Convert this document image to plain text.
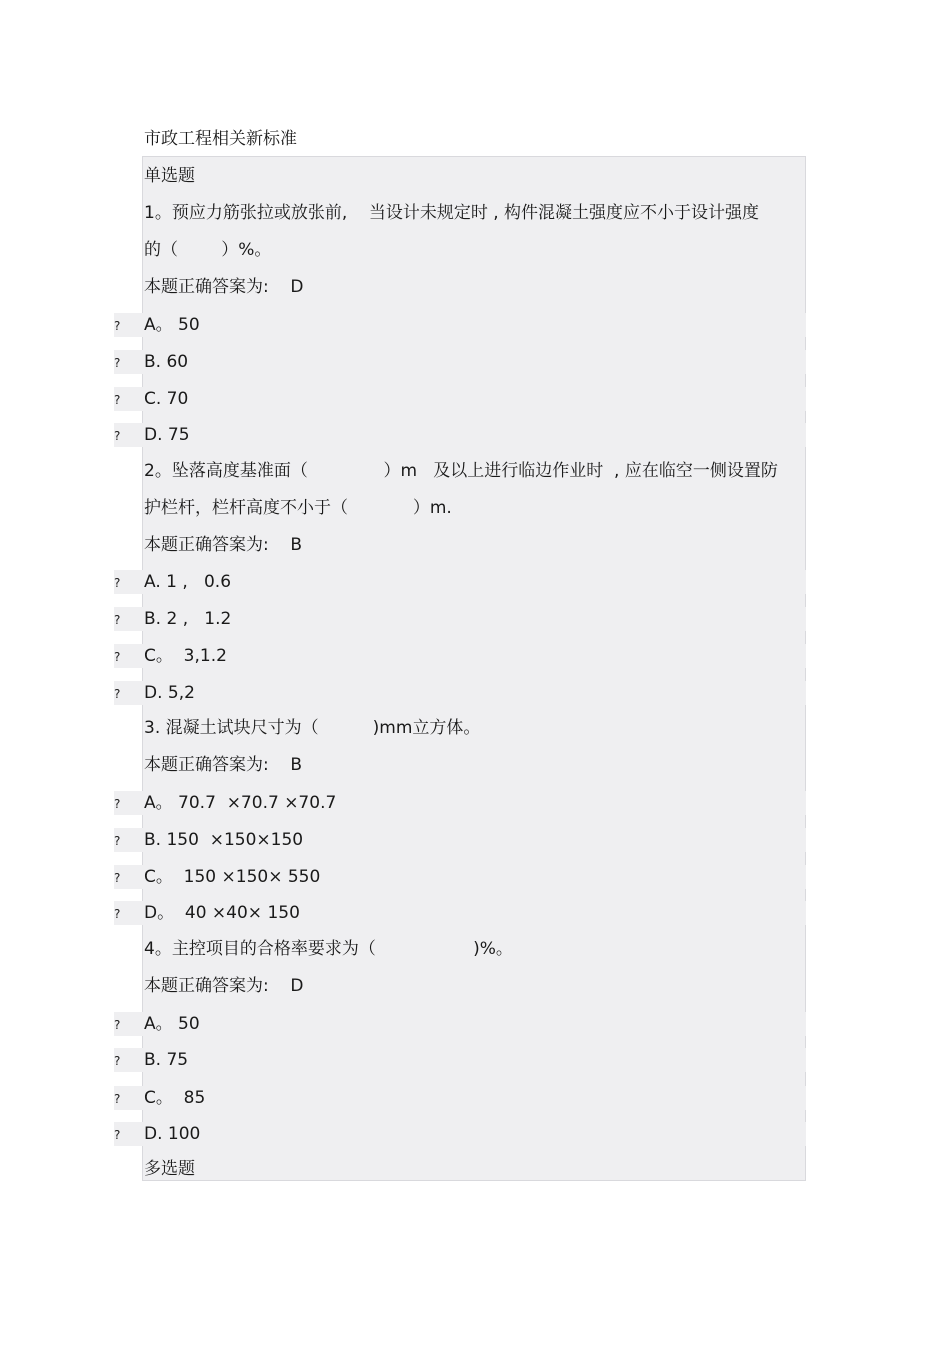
市政工程相关新标准
单选题
1。预应力筋张拉或放张前,    当设计未规定时 , 构件混凝土强度应不小于设计强度
的（        ）%。
本题正确答案为:    D
? A。 50
? B. 60
? C. 70
? D. 75
2。坠落高度基准面（              ）m   及以上进行临边作业时  , 应在临空一侧设置防
护栏杆，栏杆高度不小于（            ）m.
本题正确答案为:    B
? A. 1 ,   0.6
? B. 2 ,   1.2
? C。  3,1.2
? D. 5,2
3. 混凝土试块尺寸为（          )mm立方体。
本题正确答案为:    B
? A。 70.7  ×70.7 ×70.7
? B. 150  ×150×150
? C。  150 ×150× 550
? D。  40 ×40× 150
4。主控项目的合格率要求为（                  )%。
本题正确答案为:    D
? A。 50
? B. 75
? C。  85
? D. 100
多选题
